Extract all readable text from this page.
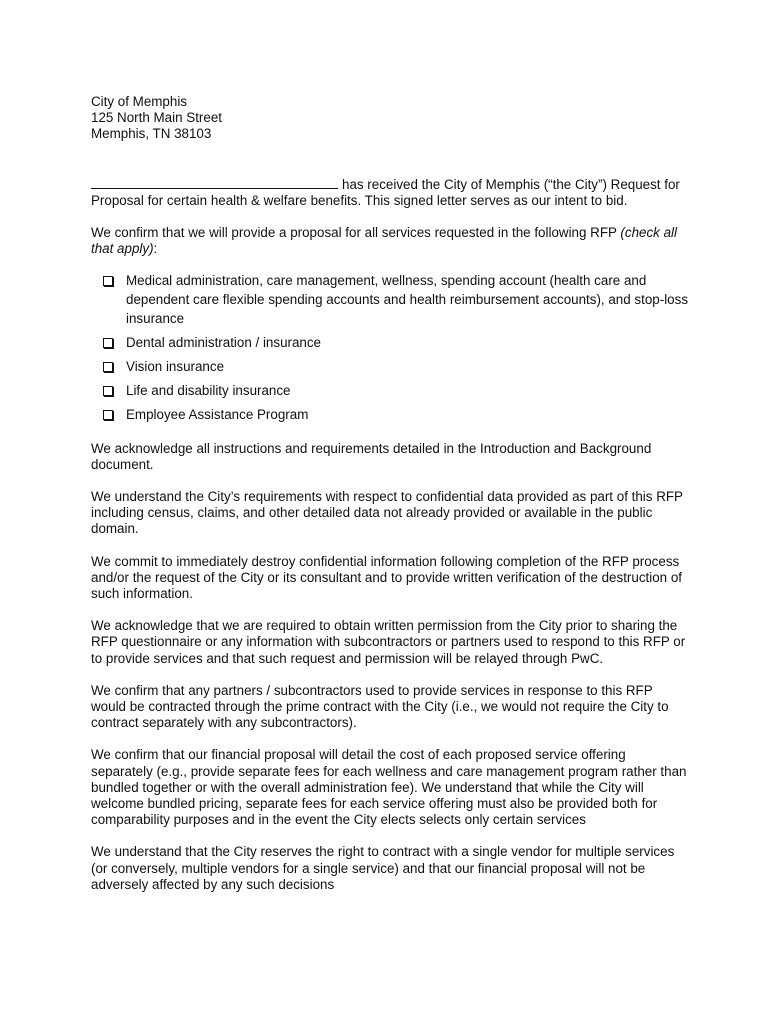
City of Memphis
125 North Main Street
Memphis, TN 38103
has received the City of Memphis (“the City”) Request for Proposal for certain health & welfare benefits. This signed letter serves as our intent to bid.
We confirm that we will provide a proposal for all services requested in the following RFP (check all that apply):
Medical administration, care management, wellness, spending account (health care and dependent care flexible spending accounts and health reimbursement accounts), and stop-loss insurance
Dental administration / insurance
Vision insurance
Life and disability insurance
Employee Assistance Program

We acknowledge all instructions and requirements detailed in the Introduction and Background document.

We understand the City’s requirements with respect to confidential data provided as part of this RFP including census, claims, and other detailed data not already provided or available in the public domain.

We commit to immediately destroy confidential information following completion of the RFP process and/or the request of the City or its consultant and to provide written verification of the destruction of such information.

We acknowledge that we are required to obtain written permission from the City prior to sharing the RFP questionnaire or any information with subcontractors or partners used to respond to this RFP or to provide services and that such request and permission will be relayed through PwC.

We confirm that any partners / subcontractors used to provide services in response to this RFP would be contracted through the prime contract with the City (i.e., we would not require the City to contract separately with any subcontractors).

We confirm that our financial proposal will detail the cost of each proposed service offering separately (e.g., provide separate fees for each wellness and care management program rather than bundled together or with the overall administration fee). We understand that while the City will welcome bundled pricing, separate fees for each service offering must also be provided both for comparability purposes and in the event the City elects selects only certain services

We understand that the City reserves the right to contract with a single vendor for multiple services (or conversely, multiple vendors for a single service) and that our financial proposal will not be adversely affected by any such decisions
